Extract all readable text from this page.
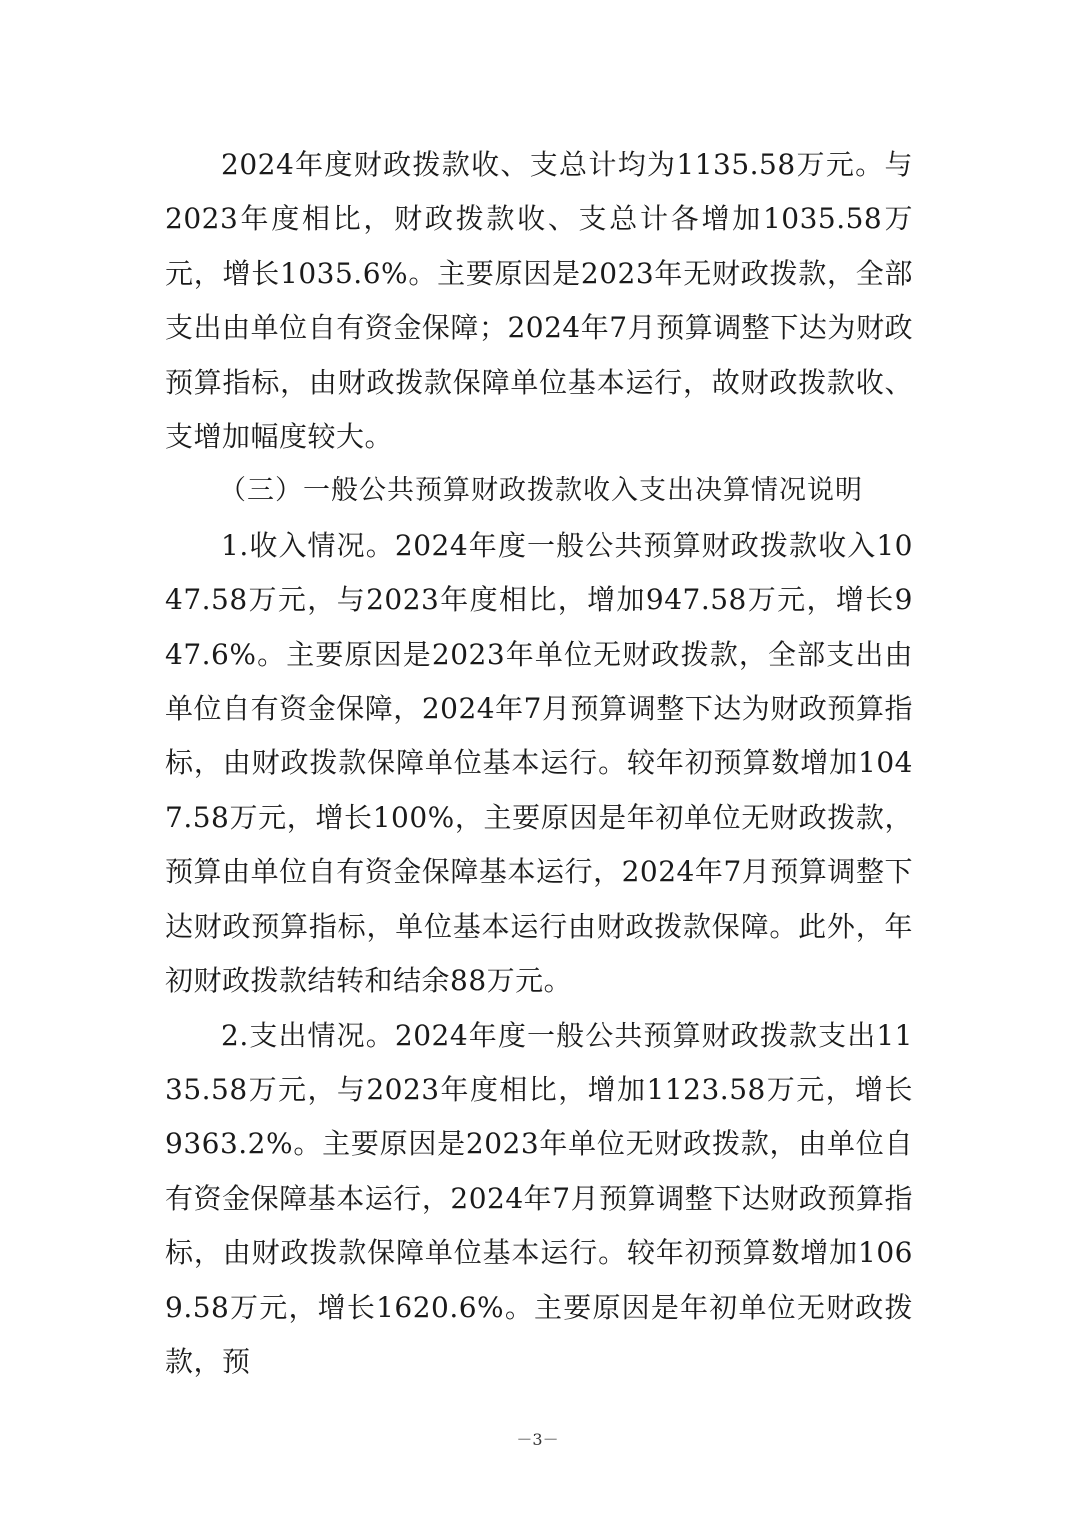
2024年度财政拨款收、支总计均为1135.58万元。与2023年度相比，财政拨款收、支总计各增加1035.58万元，增长1035.6%。主要原因是2023年无财政拨款，全部支出由单位自有资金保障；2024年7月预算调整下达为财政预算指标，由财政拨款保障单位基本运行，故财政拨款收、支增加幅度较大。

（三）一般公共预算财政拨款收入支出决算情况说明

1.收入情况。2024年度一般公共预算财政拨款收入1047.58万元，与2023年度相比，增加947.58万元，增长947.6%。主要原因是2023年单位无财政拨款，全部支出由单位自有资金保障，2024年7月预算调整下达为财政预算指标，由财政拨款保障单位基本运行。较年初预算数增加1047.58万元，增长100%，主要原因是年初单位无财政拨款，预算由单位自有资金保障基本运行，2024年7月预算调整下达财政预算指标，单位基本运行由财政拨款保障。此外，年初财政拨款结转和结余88万元。

2.支出情况。2024年度一般公共预算财政拨款支出1135.58万元，与2023年度相比，增加1123.58万元，增长9363.2%。主要原因是2023年单位无财政拨款，由单位自有资金保障基本运行，2024年7月预算调整下达财政预算指标，由财政拨款保障单位基本运行。较年初预算数增加1069.58万元，增长1620.6%。主要原因是年初单位无财政拨款，预

－3－
